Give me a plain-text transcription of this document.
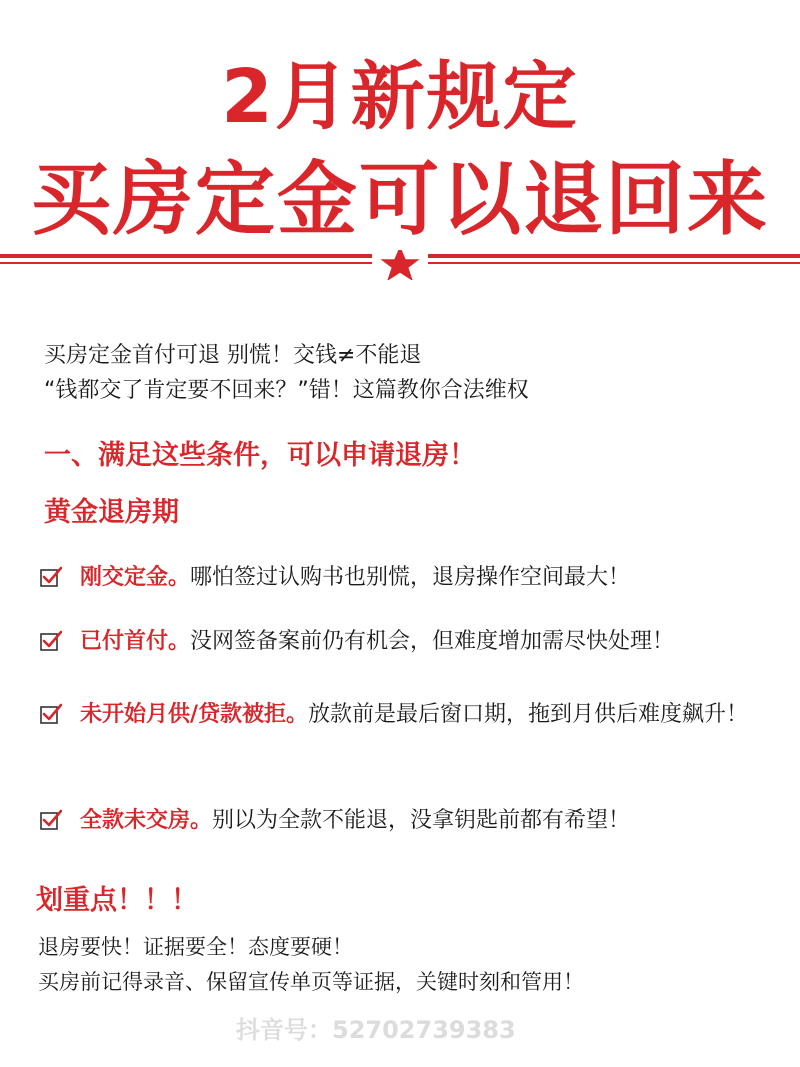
2月新规定
买房定金可以退回来
买房定金首付可退 别慌！交钱≠不能退
“钱都交了肯定要不回来？”错！这篇教你合法维权
一、满足这些条件，可以申请退房！
黄金退房期
刚交定金。哪怕签过认购书也别慌，退房操作空间最大！
已付首付。没网签备案前仍有机会，但难度增加需尽快处理！
未开始月供/贷款被拒。放款前是最后窗口期，拖到月供后难度飙升！
全款未交房。别以为全款不能退，没拿钥匙前都有希望！
划重点！！！
退房要快！证据要全！态度要硬！
买房前记得录音、保留宣传单页等证据，关键时刻和管用！
抖音号：52702739383
